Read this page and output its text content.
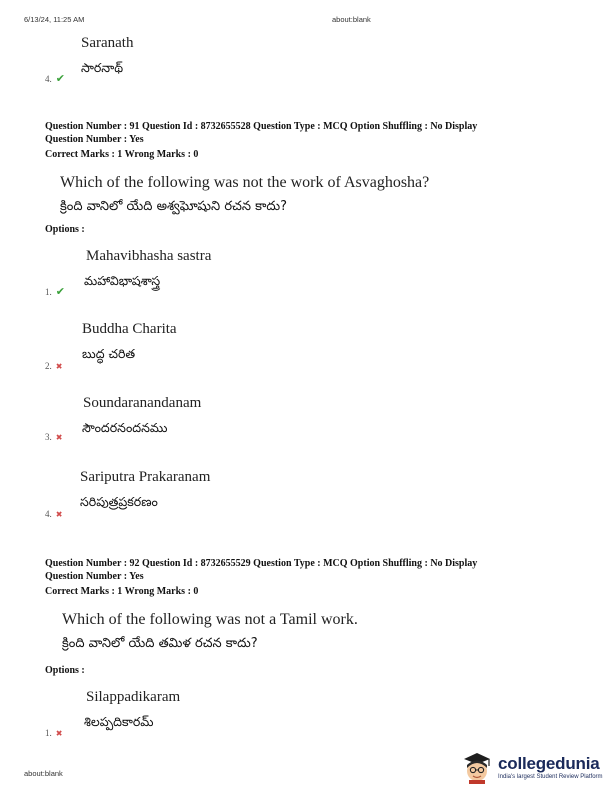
6/13/24, 11:25 AM	about:blank
Saranath
సారనాథ్
4. ✔
Question Number : 91 Question Id : 8732655528 Question Type : MCQ Option Shuffling : No Display
Question Number : Yes
Correct Marks : 1 Wrong Marks : 0
Which of the following was not the work of Asvaghosha?
క్రింది వానిలో యేది అశ్వఘోషుని రచన కాదు?
Options :
Mahavibhasha sastra
మహావిభాషశాస్త్ర
1. ✔
Buddha Charita
బుద్ధ చరిత
2. ✖
Soundaranandanam
సౌందరనందనము
3. ✖
Sariputra Prakaranam
సరిపుత్రప్రకరణం
4. ✖
Question Number : 92 Question Id : 8732655529 Question Type : MCQ Option Shuffling : No Display
Question Number : Yes
Correct Marks : 1 Wrong Marks : 0
Which of the following was not a Tamil work.
క్రింది వానిలో యేది తమిళ రచన కాదు?
Options :
Silappadikaram
శిలప్పదికారమ్
1. ✖
about:blank
collegedunia
India's largest Student Review Platform
